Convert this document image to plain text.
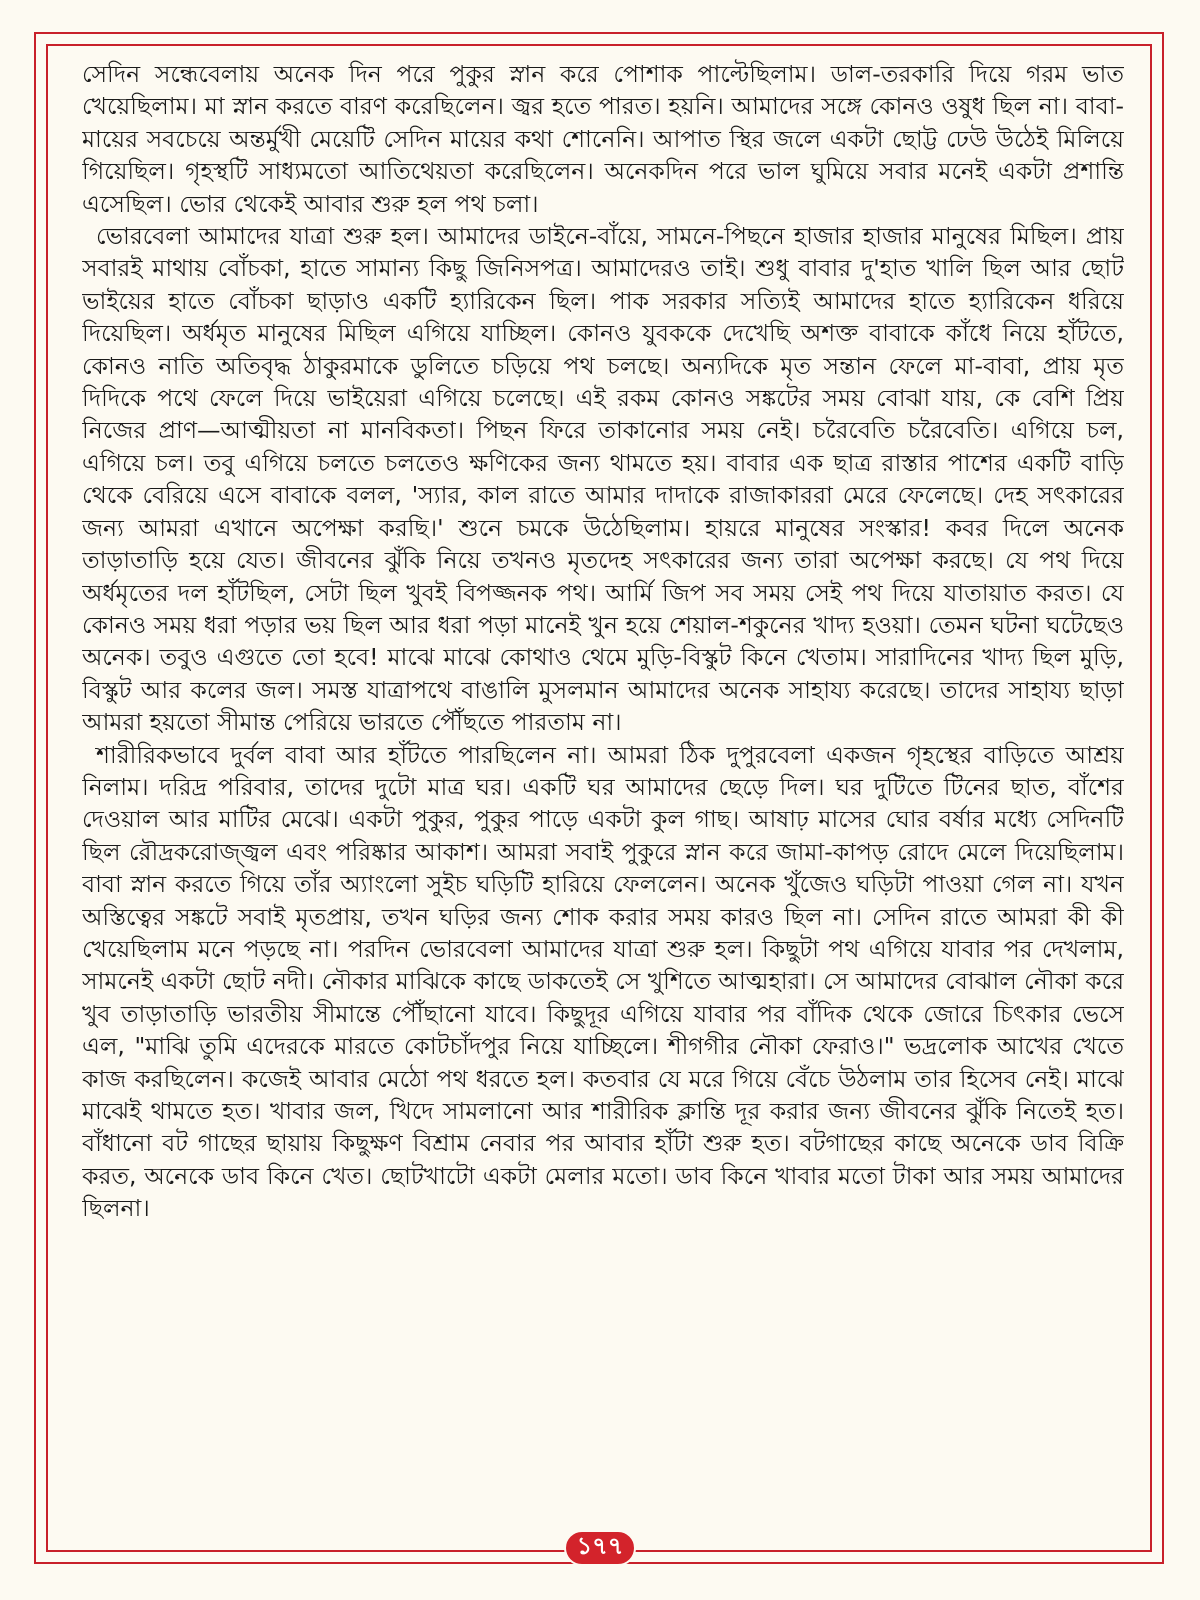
সেদিন সন্ধেবেলায় অনেক দিন পরে পুকুর স্নান করে পোশাক পাল্টেছিলাম। ডাল-তরকারি দিয়ে গরম ভাত খেয়েছিলাম। মা স্নান করতে বারণ করেছিলেন। জ্বর হতে পারত। হয়নি। আমাদের সঙ্গে কোনও ওষুধ ছিল না। বাবা-মায়ের সবচেয়ে অন্তর্মুখী মেয়েটি সেদিন মায়ের কথা শোনেনি। আপাত স্থির জলে একটা ছোট্ট ঢেউ উঠেই মিলিয়ে গিয়েছিল। গৃহস্থটি সাধ্যমতো আতিথেয়তা করেছিলেন। অনেকদিন পরে ভাল ঘুমিয়ে সবার মনেই একটা প্রশান্তি এসেছিল। ভোর থেকেই আবার শুরু হল পথ চলা।

ভোরবেলা আমাদের যাত্রা শুরু হল। আমাদের ডাইনে-বাঁয়ে, সামনে-পিছনে হাজার হাজার মানুষের মিছিল। প্রায় সবারই মাথায় বোঁচকা, হাতে সামান্য কিছু জিনিসপত্র। আমাদেরও তাই। শুধু বাবার দু'হাত খালি ছিল আর ছোট ভাইয়ের হাতে বোঁচকা ছাড়াও একটি হ্যারিকেন ছিল। পাক সরকার সত্যিই আমাদের হাতে হ্যারিকেন ধরিয়ে দিয়েছিল। অর্ধমৃত মানুষের মিছিল এগিয়ে যাচ্ছিল। কোনও যুবককে দেখেছি অশক্ত বাবাকে কাঁধে নিয়ে হাঁটতে, কোনও নাতি অতিবৃদ্ধ ঠাকুরমাকে ডুলিতে চড়িয়ে পথ চলছে। অন্যদিকে মৃত সন্তান ফেলে মা-বাবা, প্রায় মৃত দিদিকে পথে ফেলে দিয়ে ভাইয়েরা এগিয়ে চলেছে। এই রকম কোনও সঙ্কটের সময় বোঝা যায়, কে বেশি প্রিয় নিজের প্রাণ—আত্মীয়তা না মানবিকতা। পিছন ফিরে তাকানোর সময় নেই। চরৈবেতি চরৈবেতি। এগিয়ে চল, এগিয়ে চল। তবু এগিয়ে চলতে চলতেও ক্ষণিকের জন্য থামতে হয়। বাবার এক ছাত্র রাস্তার পাশের একটি বাড়ি থেকে বেরিয়ে এসে বাবাকে বলল, 'স্যার, কাল রাতে আমার দাদাকে রাজাকাররা মেরে ফেলেছে। দেহ সৎকারের জন্য আমরা এখানে অপেক্ষা করছি।' শুনে চমকে উঠেছিলাম। হায়রে মানুষের সংস্কার! কবর দিলে অনেক তাড়াতাড়ি হয়ে যেত। জীবনের ঝুঁকি নিয়ে তখনও মৃতদেহ সৎকারের জন্য তারা অপেক্ষা করছে। যে পথ দিয়ে অর্ধমৃতের দল হাঁটছিল, সেটা ছিল খুবই বিপজ্জনক পথ। আর্মি জিপ সব সময় সেই পথ দিয়ে যাতায়াত করত। যে কোনও সময় ধরা পড়ার ভয় ছিল আর ধরা পড়া মানেই খুন হয়ে শেয়াল-শকুনের খাদ্য হওয়া। তেমন ঘটনা ঘটেছেও অনেক। তবুও এগুতে তো হবে! মাঝে মাঝে কোথাও থেমে মুড়ি-বিস্কুট কিনে খেতাম। সারাদিনের খাদ্য ছিল মুড়ি, বিস্কুট আর কলের জল। সমস্ত যাত্রাপথে বাঙালি মুসলমান আমাদের অনেক সাহায্য করেছে। তাদের সাহায্য ছাড়া আমরা হয়তো সীমান্ত পেরিয়ে ভারতে পৌঁছতে পারতাম না।

শারীরিকভাবে দুর্বল বাবা আর হাঁটতে পারছিলেন না। আমরা ঠিক দুপুরবেলা একজন গৃহস্থের বাড়িতে আশ্রয় নিলাম। দরিদ্র পরিবার, তাদের দুটো মাত্র ঘর। একটি ঘর আমাদের ছেড়ে দিল। ঘর দুটিতে টিনের ছাত, বাঁশের দেওয়াল আর মাটির মেঝে। একটা পুকুর, পুকুর পাড়ে একটা কুল গাছ। আষাঢ় মাসের ঘোর বর্ষার মধ্যে সেদিনটি ছিল রৌদ্রকরোজ্জ্বল এবং পরিষ্কার আকাশ। আমরা সবাই পুকুরে স্নান করে জামা-কাপড় রোদে মেলে দিয়েছিলাম। বাবা স্নান করতে গিয়ে তাঁর অ্যাংলো সুইচ ঘড়িটি হারিয়ে ফেললেন। অনেক খুঁজেও ঘড়িটা পাওয়া গেল না। যখন অস্তিত্বের সঙ্কটে সবাই মৃতপ্রায়, তখন ঘড়ির জন্য শোক করার সময় কারও ছিল না। সেদিন রাতে আমরা কী কী খেয়েছিলাম মনে পড়ছে না। পরদিন ভোরবেলা আমাদের যাত্রা শুরু হল। কিছুটা পথ এগিয়ে যাবার পর দেখলাম, সামনেই একটা ছোট নদী। নৌকার মাঝিকে কাছে ডাকতেই সে খুশিতে আত্মহারা। সে আমাদের বোঝাল নৌকা করে খুব তাড়াতাড়ি ভারতীয় সীমান্তে পৌঁছানো যাবে। কিছুদূর এগিয়ে যাবার পর বাঁদিক থেকে জোরে চিৎকার ভেসে এল, "মাঝি তুমি এদেরকে মারতে কোটচাঁদপুর নিয়ে যাচ্ছিলে। শীগগীর নৌকা ফেরাও।" ভদ্রলোক আখের খেতে কাজ করছিলেন। কজেই আবার মেঠো পথ ধরতে হল। কতবার যে মরে গিয়ে বেঁচে উঠলাম তার হিসেব নেই। মাঝে মাঝেই থামতে হত। খাবার জল, খিদে সামলানো আর শারীরিক ক্লান্তি দূর করার জন্য জীবনের ঝুঁকি নিতেই হত। বাঁধানো বট গাছের ছায়ায় কিছুক্ষণ বিশ্রাম নেবার পর আবার হাঁটা শুরু হত। বটগাছের কাছে অনেকে ডাব বিক্রি করত, অনেকে ডাব কিনে খেত। ছোটখাটো একটা মেলার মতো। ডাব কিনে খাবার মতো টাকা আর সময় আমাদের ছিলনা।

১৭৭
